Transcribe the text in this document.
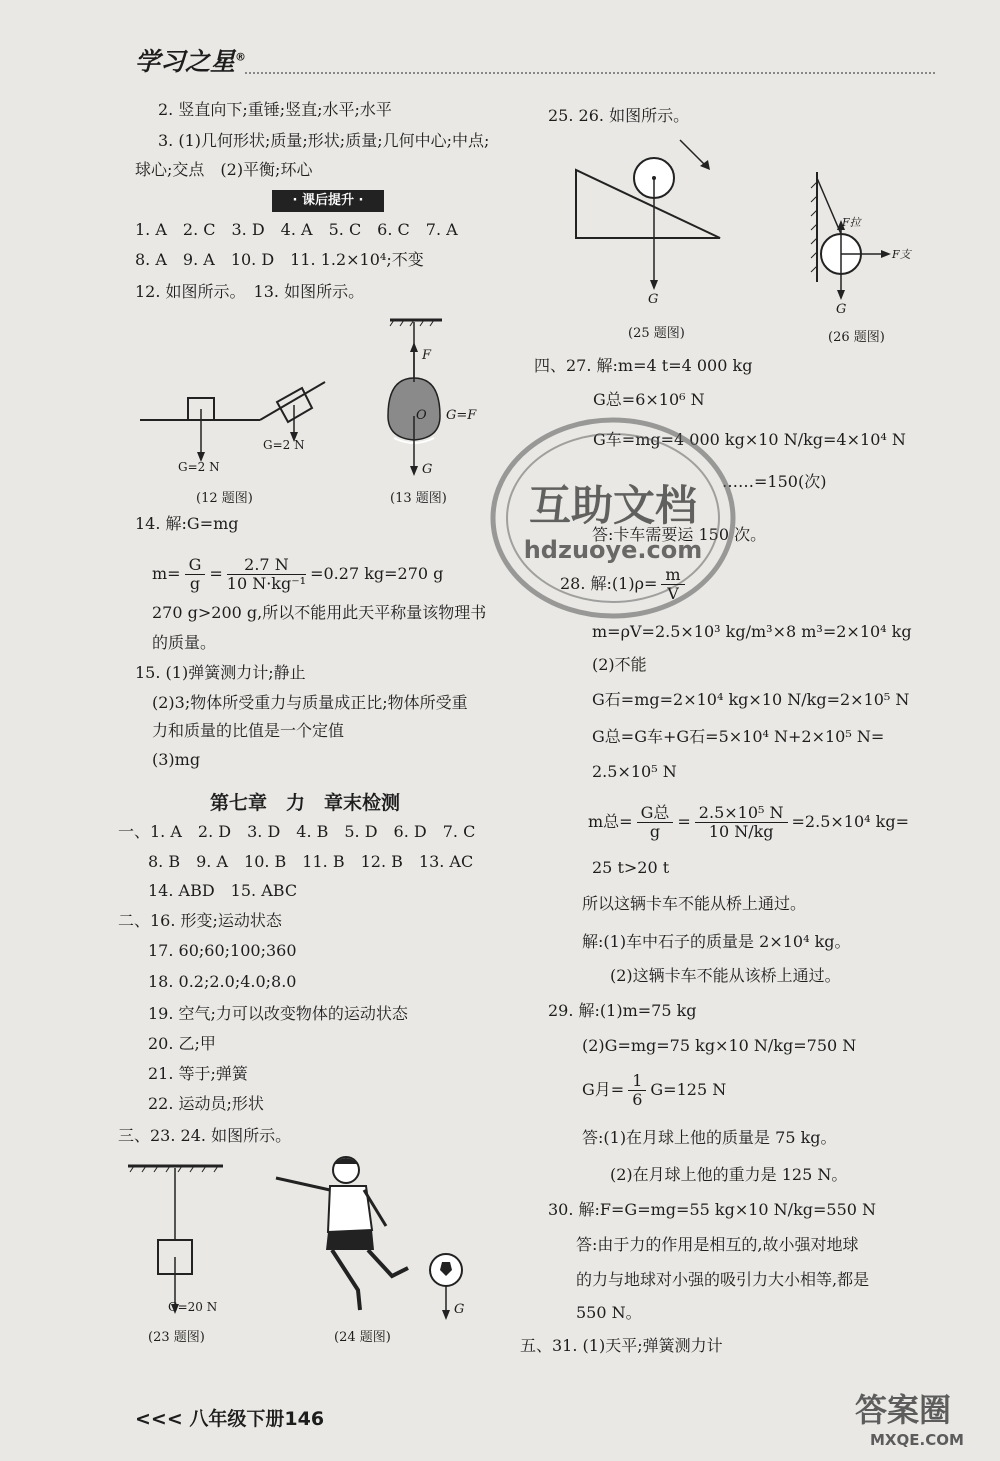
学习之星®
2. 竖直向下;重锤;竖直;水平;水平
3. (1)几何形状;质量;形状;质量;几何中心;中点;
球心;交点　(2)平衡;环心
· 课后提升 ·
1. A　2. C　3. D　4. A　5. C　6. C　7. A
8. A　9. A　10. D　11. 1.2×10⁴;不变
12. 如图所示。　13. 如图所示。
G=2 N
G=2 N
(12 题图)
F
O G=F
G
(13 题图)
14. 解:G=mg
$m= \frac{G}{g} = \frac{2.7 N}{\text{10 N·kg⁻¹}} =0.27$ kg=270 g
270 g>200 g,所以不能用此天平称量该物理书
的质量。
15. (1)弹簧测力计;静止
(2)3;物体所受重力与质量成正比;物体所受重
力和质量的比值是一个定值
(3)mg
第七章　力　章末检测
一、1. A　2. D　3. D　4. B　5. D　6. D　7. C
8. B　9. A　10. B　11. B　12. B　13. AC
14. ABD　15. ABC
二、16. 形变;运动状态
17. 60;60;100;360
18. 0.2;2.0;4.0;8.0
19. 空气;力可以改变物体的运动状态
20. 乙;甲
21. 等于;弹簧
22. 运动员;形状
三、23. 24. 如图所示。
G=20 N
(23 题图)
G
(24 题图)
25. 26. 如图所示。
G
(25 题图)
F拉
F支
G
(26 题图)
四、27. 解:m=4 t=4 000 kg
G总=6×10⁶ N
G车=mg=4 000 kg×10 N/kg=4×10⁴ N
……=150(次)
答:卡车需要运 150 次。
互助文档
hdzuoye.com
28. 解:(1)ρ= $\frac{m}{V}$
m=ρV=2.5×10³ kg/m³×8 m³=2×10⁴ kg
(2)不能
G石=mg=2×10⁴ kg×10 N/kg=2×10⁵ N
G总=G车+G石=5×10⁴ N+2×10⁵ N=
2.5×10⁵ N
m总= $\frac{\text{G总}}{g} = \frac{\text{2.5×10⁵ N}}{10 N/kg} =2.5\times 10^4$ kg=
25 t>20 t
所以这辆卡车不能从桥上通过。
解:(1)车中石子的质量是 2×10⁴ kg。
(2)这辆卡车不能从该桥上通过。
29. 解:(1)m=75 kg
(2)G=mg=75 kg×10 N/kg=750 N
G月= $\frac{1}{6} G=125$ N
答:(1)在月球上他的质量是 75 kg。
(2)在月球上他的重力是 125 N。
30. 解:F=G=mg=55 kg×10 N/kg=550 N
答:由于力的作用是相互的,故小强对地球
的力与地球对小强的吸引力大小相等,都是
550 N。
五、31. (1)天平;弹簧测力计
<<< 八年级下册146	答案圈
MXQE.COM
